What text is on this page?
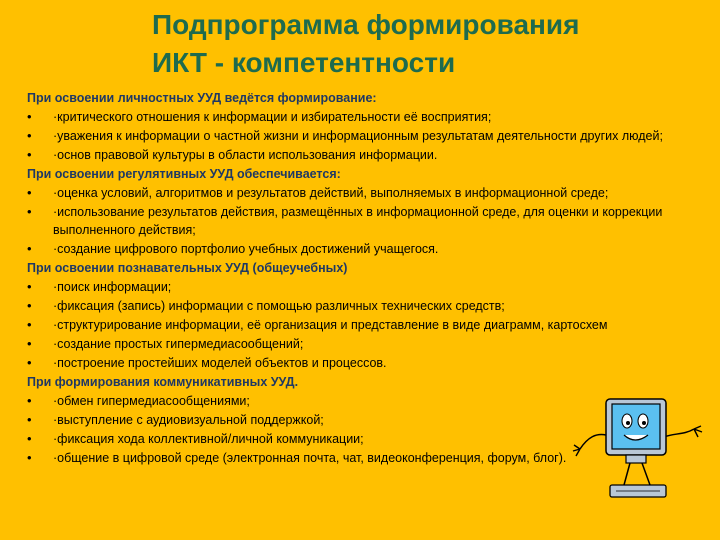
Подпрограмма формирования
ИКТ - компетентности
При освоении личностных УУД ведётся формирование:
•	·критического отношения к информации и избирательности её восприятия;
•	·уважения к информации о частной жизни и информационным результатам деятельности других людей;
•	·основ правовой культуры в области использования информации.
При освоении регулятивных УУД обеспечивается:
•	·оценка условий, алгоритмов и результатов действий, выполняемых в информационной среде;
•	·использование результатов действия, размещённых в информационной среде, для оценки и коррекции выполненного действия;
•	·создание цифрового портфолио учебных достижений учащегося.
При освоении познавательных УУД (общеучебных)
•	·поиск информации;
•	·фиксация (запись) информации с помощью различных технических средств;
•	·структурирование информации, её организация и представление в виде диаграмм, картосхем
•	·создание простых гипермедиасообщений;
•	·построение простейших моделей объектов и процессов.
При формирования коммуникативных УУД.
•	·обмен гипермедиасообщениями;
•	·выступление с аудиовизуальной поддержкой;
•	·фиксация хода коллективной/личной коммуникации;
•	·общение в цифровой среде (электронная почта, чат, видеоконференция, форум, блог).
